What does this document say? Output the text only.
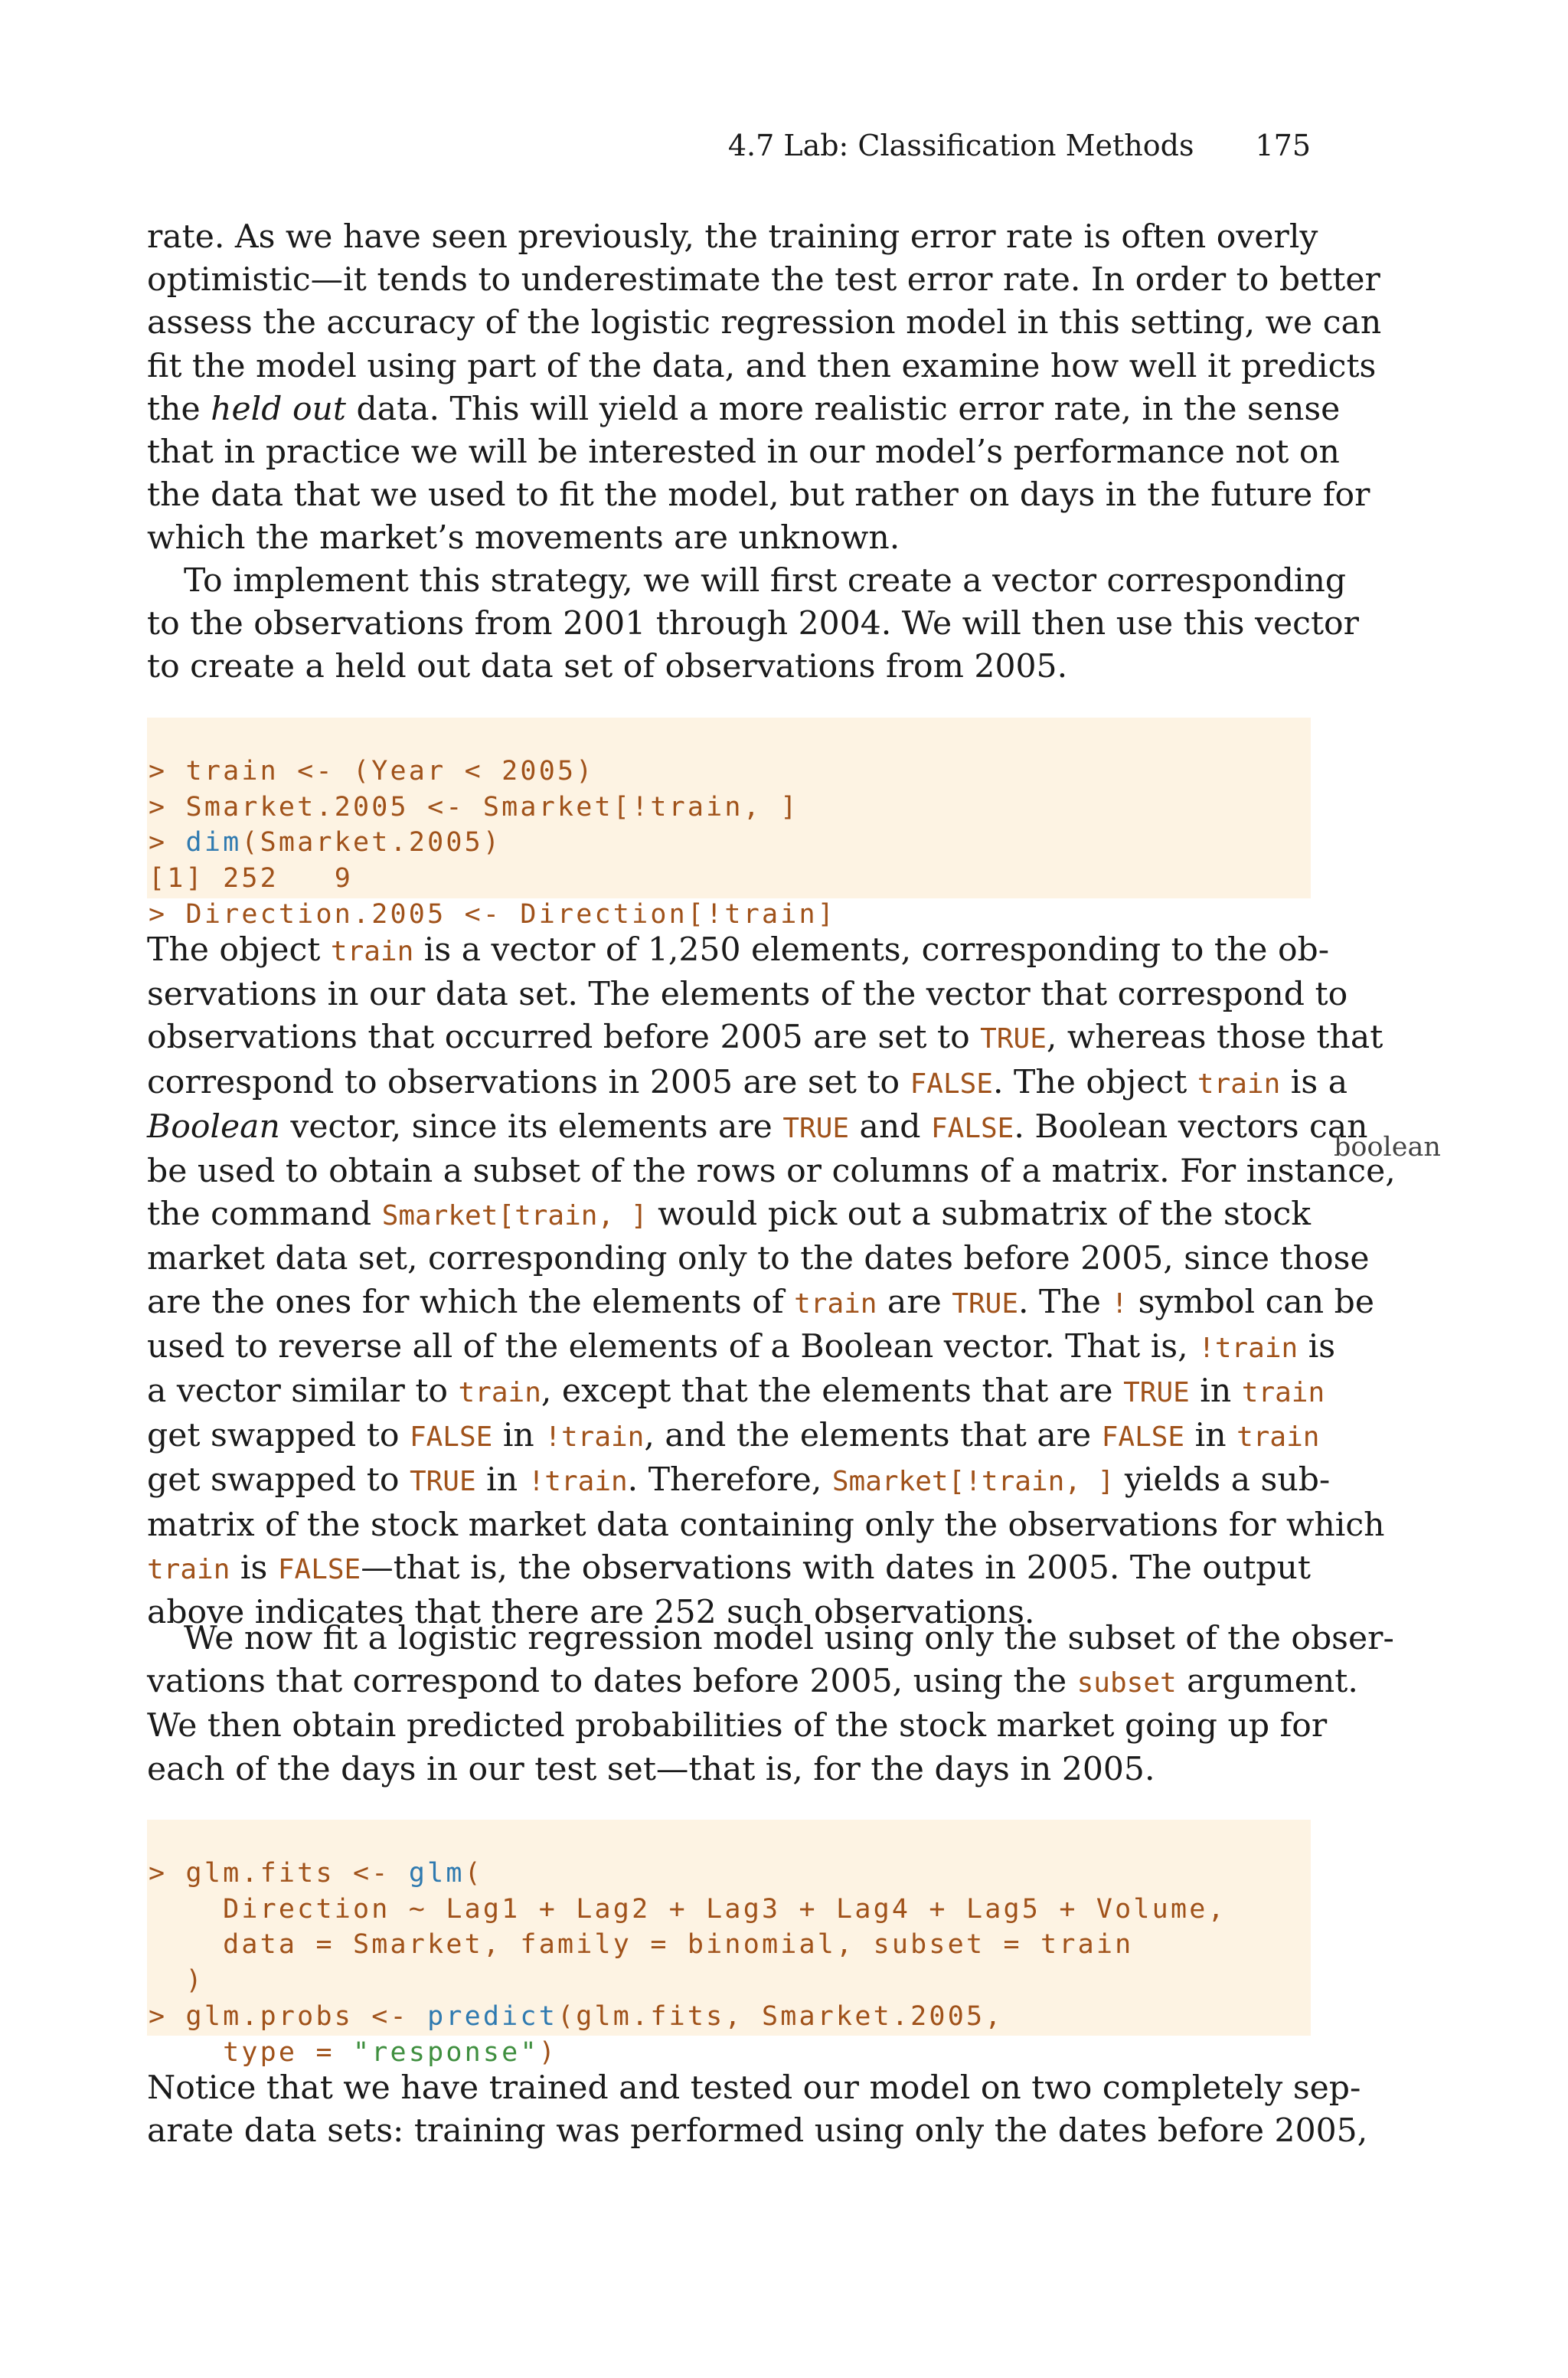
4.7 Lab: Classification Methods 175
rate. As we have seen previously, the training error rate is often overly
optimistic—it tends to underestimate the test error rate. In order to better
assess the accuracy of the logistic regression model in this setting, we can
fit the model using part of the data, and then examine how well it predicts
the held out data. This will yield a more realistic error rate, in the sense
that in practice we will be interested in our model’s performance not on
the data that we used to fit the model, but rather on days in the future for
which the market’s movements are unknown.
To implement this strategy, we will first create a vector corresponding
to the observations from 2001 through 2004. We will then use this vector
to create a held out data set of observations from 2005.

> train <- (Year < 2005)
> Smarket.2005 <- Smarket[!train, ]
> dim(Smarket.2005)
[1] 252   9
> Direction.2005 <- Direction[!train]

The object train is a vector of 1,250 elements, corresponding to the ob-
servations in our data set. The elements of the vector that correspond to
observations that occurred before 2005 are set to TRUE, whereas those that
correspond to observations in 2005 are set to FALSE. The object train is a
Boolean vector, since its elements are TRUE and FALSE. Boolean vectors can
be used to obtain a subset of the rows or columns of a matrix. For instance,
the command Smarket[train, ] would pick out a submatrix of the stock
market data set, corresponding only to the dates before 2005, since those
are the ones for which the elements of train are TRUE. The ! symbol can be
used to reverse all of the elements of a Boolean vector. That is, !train is
a vector similar to train, except that the elements that are TRUE in train
get swapped to FALSE in !train, and the elements that are FALSE in train
get swapped to TRUE in !train. Therefore, Smarket[!train, ] yields a sub-
matrix of the stock market data containing only the observations for which
train is FALSE—that is, the observations with dates in 2005. The output
above indicates that there are 252 such observations.
boolean
We now fit a logistic regression model using only the subset of the obser-
vations that correspond to dates before 2005, using the subset argument.
We then obtain predicted probabilities of the stock market going up for
each of the days in our test set—that is, for the days in 2005.

> glm.fits <- glm(
Direction ~ Lag1 + Lag2 + Lag3 + Lag4 + Lag5 + Volume,
data = Smarket, family = binomial, subset = train
)
> glm.probs <- predict(glm.fits, Smarket.2005,
type = "response")

Notice that we have trained and tested our model on two completely sep-
arate data sets: training was performed using only the dates before 2005,
